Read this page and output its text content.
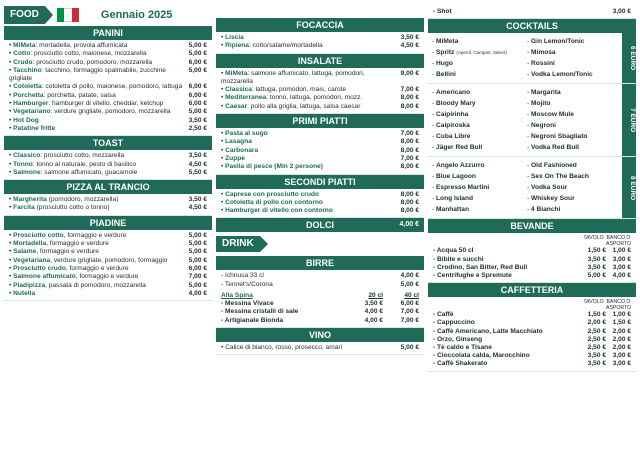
FOOD	Gennaio 2025
PANINI
• MiMeta: mortadella, provola affumicata	5,00 €
• Cotto: prosciutto cotto, maionese, mozzarella	5,00 €
• Crudo: prosciutto crudo, pomodoro, mozzarella	6,00 €
• Tacchino: tacchino, formaggio spalmabile, zucchine grigliate
5,00 €
• Cotoletta: cotoletta di pollo, maionese, pomodoro, lattuga 6,00 €
• Porchetta: porchetta, patate, salsa	6,00 €
• Hamburger: hamburger di vitello, cheddar, ketchup	6,00 €
• Vegetariano: verdure grigliate, pomodoro, mozzarella	5,00 €
• Hot Dog	3,50 €
• Patatine fritte	2,50 €
TOAST
• Classico: prosciutto cotto, mozzarella	3,50 €
• Tonno: tonno al naturale, pesto di basilico	4,50 €
• Salmone: salmone affumicato, guacamole	5,50 €
PIZZA AL TRANCIO
• Margherita (pomodoro, mozzarella)	3,50 €
• Farcita (prosciutto cotto o tonno)	4,50 €
PIADINE
• Prosciutto cotto, formaggio e verdure	5,00 €
• Mortadella, formaggio e verdure	5,00 €
• Salame, formaggio e verdure	5,00 €
• Vegetariana, verdure grigliate, pomodoro, formaggio	5,00 €
• Prosciutto crudo, formaggio e verdure	6,00 €
• Salmone affumicato, formaggio e verdure	7,00 €
• Piadipizza, passata di pomodoro, mozzarella	5,00 €
• Nutella	4,00 €
FOCACCIA
• Liscia	3,50 €
• Ripiena: cotto/salame/mortadella	4,50 €
INSALATE
• MiMeta: salmone affumicato, lattuga, pomodori, mozzarella
9,00 €
• Classica: lattuga, pomodori, mais, carote	7,00 €
• Mediterranea: tonno, lattuga, pomodori, mozz.	8,00 €
• Caesar: pollo alla griglia, lattuga, salsa caesar	8,00 €
PRIMI PIATTI
• Pasta al sugo	7,00 €
• Lasagna	8,00 €
• Carbonara	8,00 €
• Zuppe	7,00 €
• Paella di pesce (Min 2 persone)	8,00 €
SECONDI PIATTI
• Caprese con prosciutto crudo	8,00 €
• Cotoletta di pollo con contorno	8,00 €
• Hamburger di vitello con contorno	8,00 €
DOLCI	4,00 €
DRINK
BIRRE
- Ichnusa 33 cl	4,00 €
- Tennet's/Corona	5,00 €
Alla Spina	20 cl	40 cl
- Messina Vivace	3,50 €	6,00 €
- Messina cristalli di sale	4,00 €	7,00 €
- Artigianale Bionda	4,00 €	7,00 €
VINO
• Calice di bianco, rosso, prosecco, amari	5,00 €
- Shot	3,00 €
COCKTAILS
- MiMeta	- Gin Lemon/Tonic
- Spritz (Aperol, Campari, Select)	- Mimosa
- Hugo	- Rossini
- Bellini	- Vodka Lemon/Tonic
6 EURO
- Americano	- Margarita
- Bloody Mary	- Mojito
- Caipirinha	- Moscow Mule
- Caipiroska	- Negroni
- Cuba Libre	- Negroni Sbagliato
- Jäger Red Bull	- Vodka Red Bull
7 EURO
- Angelo Azzurro	- Old Fashioned
- Blue Lagoon	- Sex On The Beach
- Espresso Martini	- Vodka Sour
- Long Island	- Whiskey Sour
- Manhattan	- 4 Bianchi
8 EURO
BEVANDE
TAVOLO BANCO O ASPORTO
- Acqua 50 cl	1,50 €	1,00 €
- Bibite e succhi	3,50 €	3,00 €
- Crodino, San Bitter, Red Bull	3,50 €	3,00 €
- Centrifughe e Spremute	5,00 €	4,00 €
CAFFETTERIA
TAVOLO BANCO O ASPORTO
- Caffè	1,50 €	1,00 €
- Cappuccino	2,00 €	1,50 €
- Caffè Americano, Latte Macchiato	2,50 €	2,00 €
- Orzo, Ginseng	2,50 €	2,00 €
- Tè caldo e Tisane	2,50 €	2,00 €
- Cioccolata calda, Marocchino	3,50 €	3,00 €
- Caffè Shakerato	3,50 €	3,00 €
